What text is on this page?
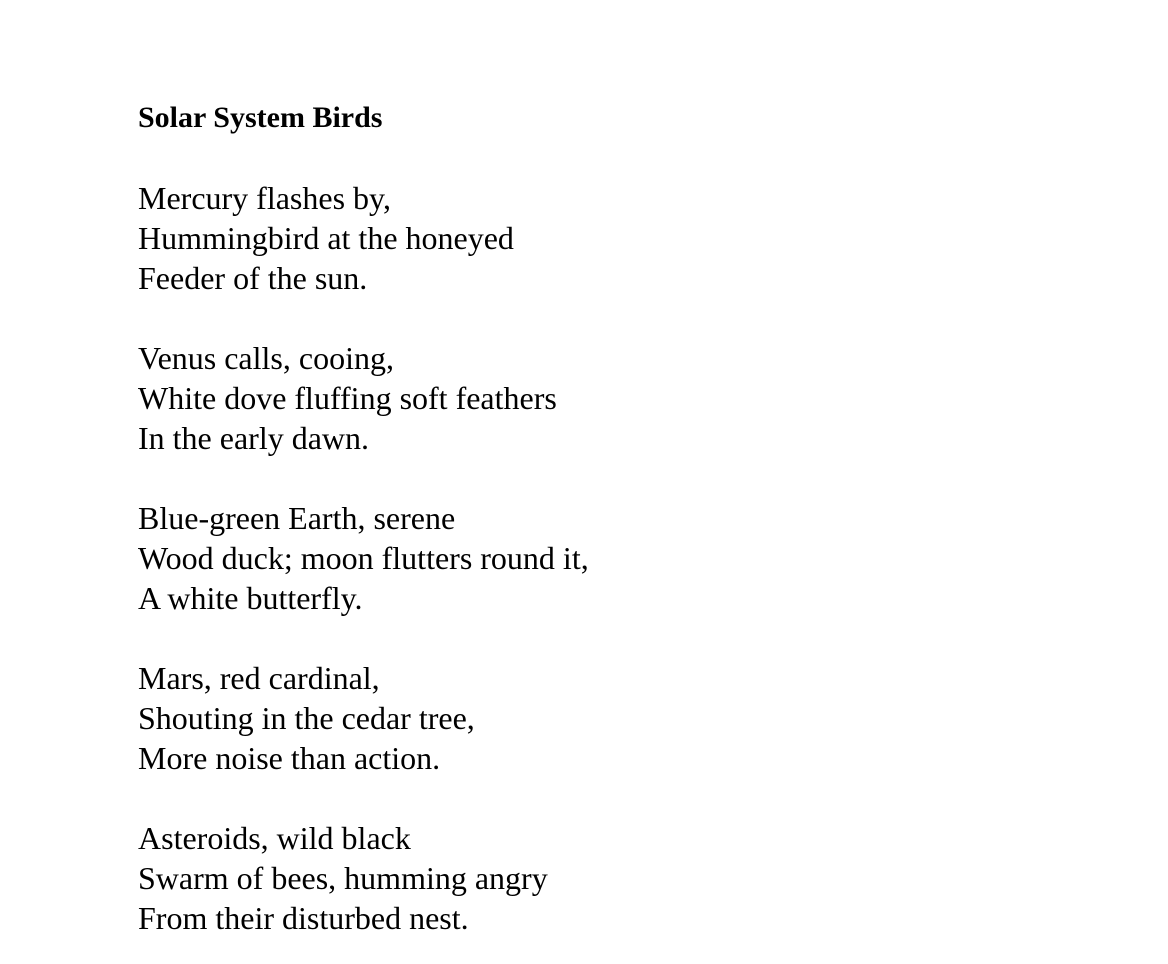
Solar System Birds
Mercury flashes by,
Hummingbird at the honeyed
Feeder of the sun.
Venus calls, cooing,
White dove fluffing soft feathers
In the early dawn.
Blue-green Earth, serene
Wood duck; moon flutters round it,
A white butterfly.
Mars, red cardinal,
Shouting in the cedar tree,
More noise than action.
Asteroids, wild black
Swarm of bees, humming angry
From their disturbed nest.
